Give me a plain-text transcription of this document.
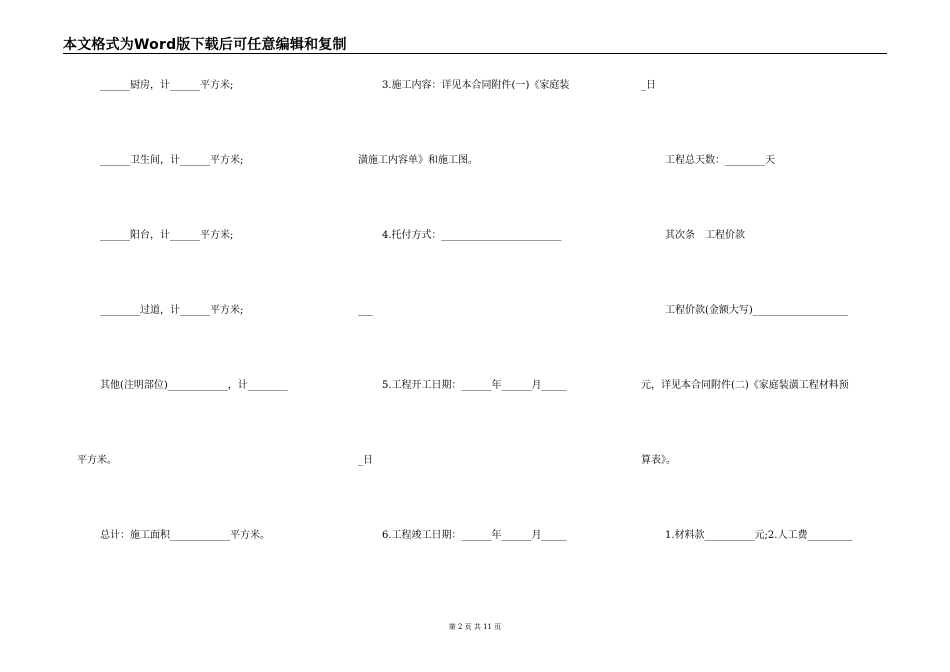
本文格式为Word版下载后可任意编辑和复制
______厨房，计______平方米;
______卫生间，计______平方米;
______阳台，计______平方米;
________过道，计______平方米;
其他(注明部位)____________，计________
平方米。
总计：施工面积____________平方米。
3.施工内容：详见本合同附件(一)《家庭装
潢施工内容单》和施工图。
4.托付方式：________________________
___
5.工程开工日期：______年______月_____
_日
6.工程竣工日期：______年______月_____
_日
工程总天数：________天
其次条　工程价款
工程价款(金额大写)___________________
元，详见本合同附件(二)《家庭装潢工程材料预
算表》。
1.材料款__________元;2.人工费_________
第 2 页 共 11 页
